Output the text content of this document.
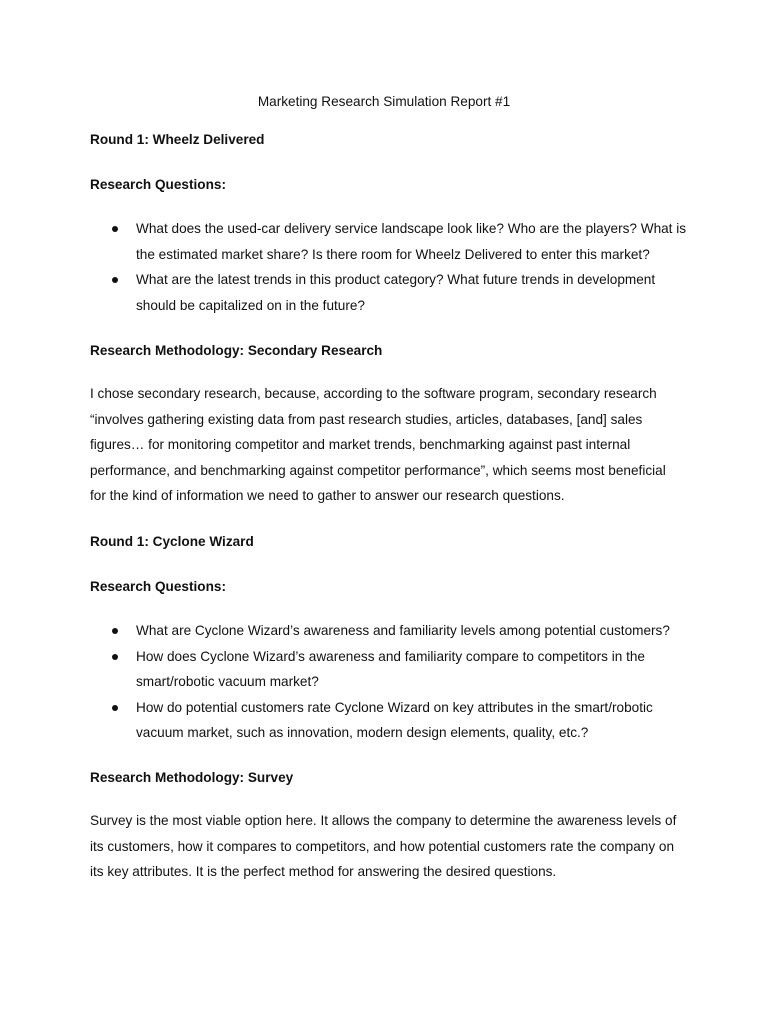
Marketing Research Simulation Report #1
Round 1: Wheelz Delivered
Research Questions:
What does the used-car delivery service landscape look like? Who are the players? What is the estimated market share? Is there room for Wheelz Delivered to enter this market?
What are the latest trends in this product category? What future trends in development should be capitalized on in the future?
Research Methodology: Secondary Research

I chose secondary research, because, according to the software program, secondary research “involves gathering existing data from past research studies, articles, databases, [and] sales figures… for monitoring competitor and market trends, benchmarking against past internal performance, and benchmarking against competitor performance”, which seems most beneficial for the kind of information we need to gather to answer our research questions.

Round 1: Cyclone Wizard
Research Questions:
What are Cyclone Wizard’s awareness and familiarity levels among potential customers?
How does Cyclone Wizard’s awareness and familiarity compare to competitors in the smart/robotic vacuum market?
How do potential customers rate Cyclone Wizard on key attributes in the smart/robotic vacuum market, such as innovation, modern design elements, quality, etc.?
Research Methodology: Survey

Survey is the most viable option here. It allows the company to determine the awareness levels of its customers, how it compares to competitors, and how potential customers rate the company on its key attributes. It is the perfect method for answering the desired questions.
